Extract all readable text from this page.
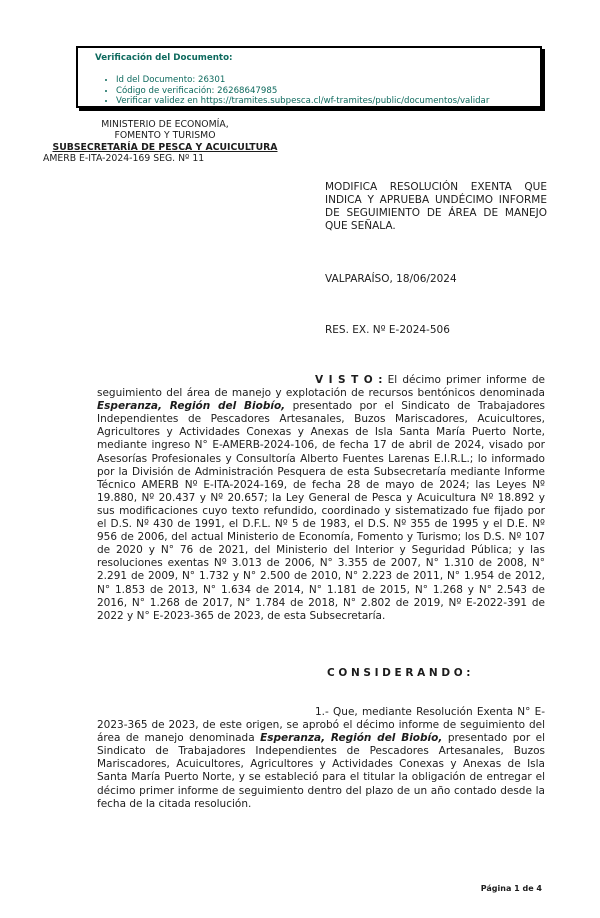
Verificación del Documento:
• Id del Documento: 26301
• Código de verificación: 26268647985
• Verificar validez en https://tramites.subpesca.cl/wf-tramites/public/documentos/validar
MINISTERIO DE ECONOMÍA,
FOMENTO Y TURISMO
SUBSECRETARÍA DE PESCA Y ACUICULTURA
AMERB E-ITA-2024-169 SEG. Nº 11
MODIFICA RESOLUCIÓN EXENTA QUE INDICA Y APRUEBA UNDÉCIMO INFORME DE SEGUIMIENTO DE ÁREA DE MANEJO QUE SEÑALA.
VALPARAÍSO, 18/06/2024
RES. EX. Nº E-2024-506
V I S T O : El décimo primer informe de seguimiento del área de manejo y explotación de recursos bentónicos denominada Esperanza, Región del Biobío, presentado por el Sindicato de Trabajadores Independientes de Pescadores Artesanales, Buzos Mariscadores, Acuicultores, Agricultores y Actividades Conexas y Anexas de Isla Santa María Puerto Norte, mediante ingreso N° E-AMERB-2024-106, de fecha 17 de abril de 2024, visado por Asesorías Profesionales y Consultoría Alberto Fuentes Larenas E.I.R.L.; lo informado por la División de Administración Pesquera de esta Subsecretaría mediante Informe Técnico AMERB Nº E-ITA-2024-169, de fecha 28 de mayo de 2024; las Leyes Nº 19.880, Nº 20.437 y Nº 20.657; la Ley General de Pesca y Acuicultura Nº 18.892 y sus modificaciones cuyo texto refundido, coordinado y sistematizado fue fijado por el D.S. Nº 430 de 1991, el D.F.L. Nº 5 de 1983, el D.S. Nº 355 de 1995 y el D.E. Nº 956 de 2006, del actual Ministerio de Economía, Fomento y Turismo; los D.S. Nº 107 de 2020 y N° 76 de 2021, del Ministerio del Interior y Seguridad Pública; y las resoluciones exentas Nº 3.013 de 2006, N° 3.355 de 2007, N° 1.310 de 2008, N° 2.291 de 2009, N° 1.732 y N° 2.500 de 2010, N° 2.223 de 2011, N° 1.954 de 2012, N° 1.853 de 2013, N° 1.634 de 2014, N° 1.181 de 2015, N° 1.268 y N° 2.543 de 2016, N° 1.268 de 2017, N° 1.784 de 2018, N° 2.802 de 2019, Nº E-2022-391 de 2022 y N° E-2023-365 de 2023, de esta Subsecretaría.
C O N S I D E R A N D O :
1.- Que, mediante Resolución Exenta N° E-2023-365 de 2023, de este origen, se aprobó el décimo informe de seguimiento del área de manejo denominada Esperanza, Región del Biobío, presentado por el Sindicato de Trabajadores Independientes de Pescadores Artesanales, Buzos Mariscadores, Acuicultores, Agricultores y Actividades Conexas y Anexas de Isla Santa María Puerto Norte, y se estableció para el titular la obligación de entregar el décimo primer informe de seguimiento dentro del plazo de un año contado desde la fecha de la citada resolución.
Página 1 de 4
